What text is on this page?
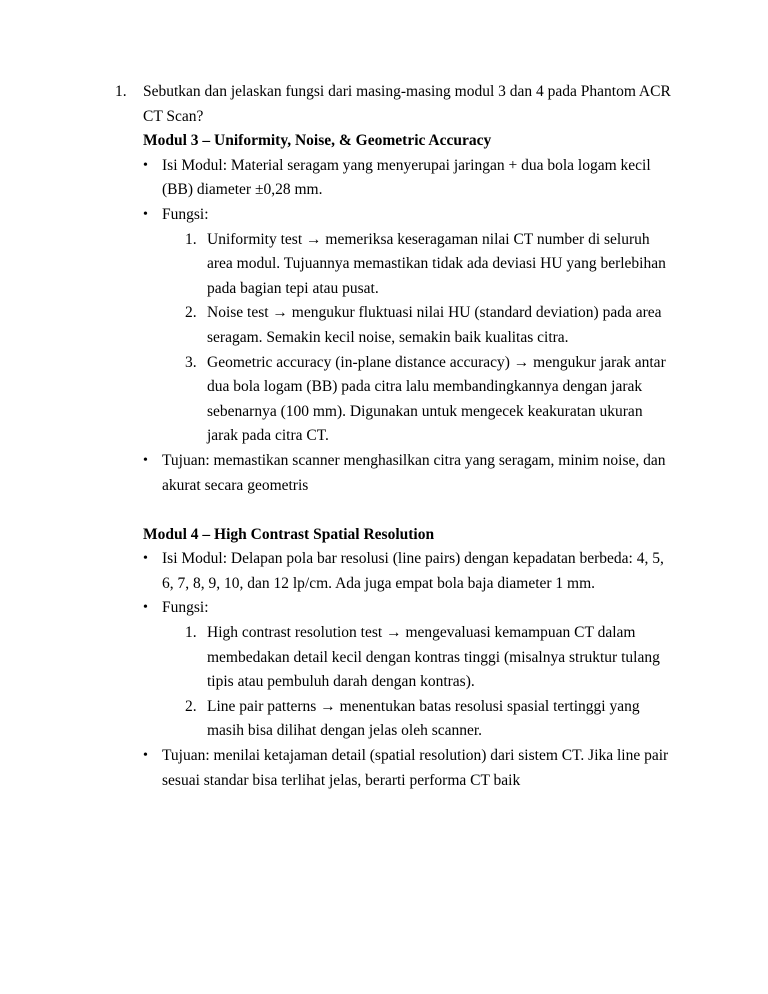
1. Sebutkan dan jelaskan fungsi dari masing-masing modul 3 dan 4 pada Phantom ACR
CT Scan?
Modul 3 – Uniformity, Noise, & Geometric Accuracy
• Isi Modul: Material seragam yang menyerupai jaringan + dua bola logam kecil
(BB) diameter ±0,28 mm.
• Fungsi:
1. Uniformity test → memeriksa keseragaman nilai CT number di seluruh
area modul. Tujuannya memastikan tidak ada deviasi HU yang berlebihan
pada bagian tepi atau pusat.
2. Noise test → mengukur fluktuasi nilai HU (standard deviation) pada area
seragam. Semakin kecil noise, semakin baik kualitas citra.
3. Geometric accuracy (in-plane distance accuracy) → mengukur jarak antar
dua bola logam (BB) pada citra lalu membandingkannya dengan jarak
sebenarnya (100 mm). Digunakan untuk mengecek keakuratan ukuran
jarak pada citra CT.
• Tujuan: memastikan scanner menghasilkan citra yang seragam, minim noise, dan
akurat secara geometris
Modul 4 – High Contrast Spatial Resolution
• Isi Modul: Delapan pola bar resolusi (line pairs) dengan kepadatan berbeda: 4, 5,
6, 7, 8, 9, 10, dan 12 lp/cm. Ada juga empat bola baja diameter 1 mm.
• Fungsi:
1. High contrast resolution test → mengevaluasi kemampuan CT dalam
membedakan detail kecil dengan kontras tinggi (misalnya struktur tulang
tipis atau pembuluh darah dengan kontras).
2. Line pair patterns → menentukan batas resolusi spasial tertinggi yang
masih bisa dilihat dengan jelas oleh scanner.
• Tujuan: menilai ketajaman detail (spatial resolution) dari sistem CT. Jika line pair
sesuai standar bisa terlihat jelas, berarti performa CT baik
